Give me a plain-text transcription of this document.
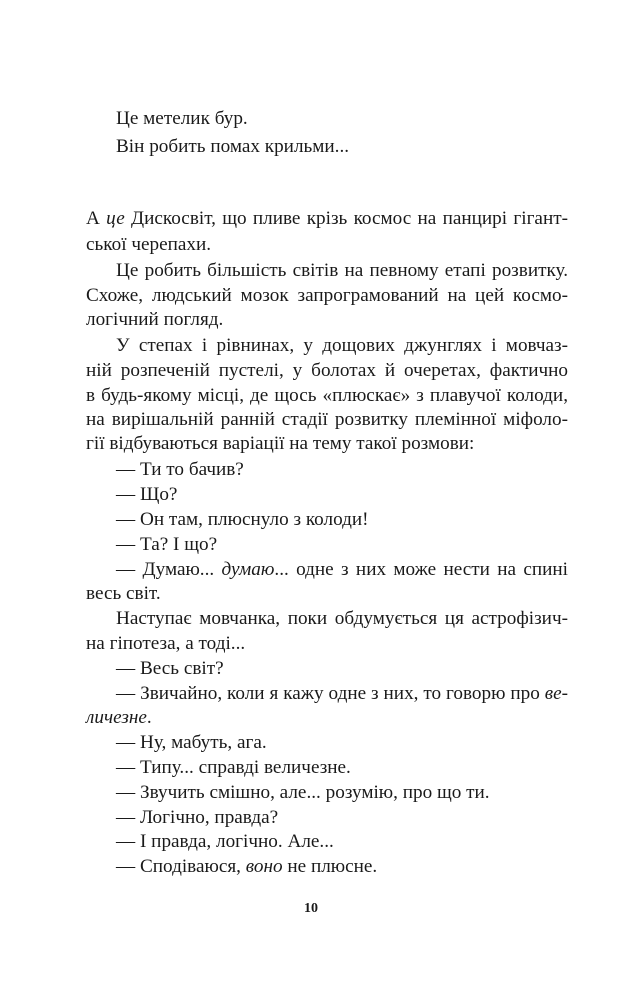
Це метелик бур.

Він робить помах крильми...

А це Дискосвіт, що пливе крізь космос на панцирі гігант-

ської черепахи.

Це робить більшість світів на певному етапі розвитку.

Схоже, людський мозок запрограмований на цей космо-

логічний погляд.

У степах і рівнинах, у дощових джунглях і мовчаз-

ній розпеченій пустелі, у болотах й очеретах, фактично

в будь-якому місці, де щось «плюскає» з плавучої колоди,

на вирішальній ранній стадії розвитку племінної міфоло-

гії відбуваються варіації на тему такої розмови:

— Ти то бачив?

— Що?

— Он там, плюснуло з колоди!

— Та? І що?

— Думаю... думаю... одне з них може нести на спині

весь світ.

Наступає мовчанка, поки обдумується ця астрофізич-

на гіпотеза, а тоді...

— Весь світ?

— Звичайно, коли я кажу одне з них, то говорю про ве-

личезне.

— Ну, мабуть, ага.

— Типу... справді величезне.

— Звучить смішно, але... розумію, про що ти.

— Логічно, правда?

— І правда, логічно. Але...

— Сподіваюся, воно не плюсне.

10
